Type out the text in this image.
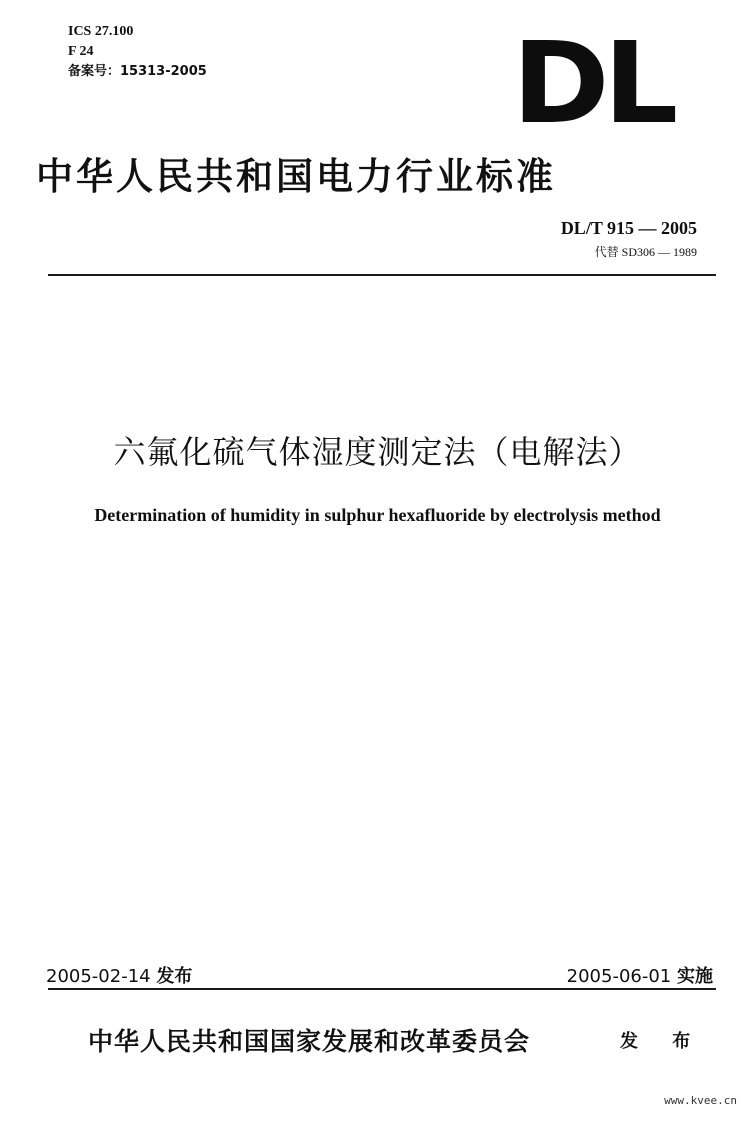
ICS 27.100
F 24
备案号：15313-2005	DL
中华人民共和国电力行业标准
DL/T 915 — 2005
代替 SD306 — 1989
六氟化硫气体湿度测定法（电解法）
Determination of humidity in sulphur hexafluoride by electrolysis method
2005-02-14 发布	2005-06-01 实施
中华人民共和国国家发展和改革委员会	发 布
www.kvee.cn
